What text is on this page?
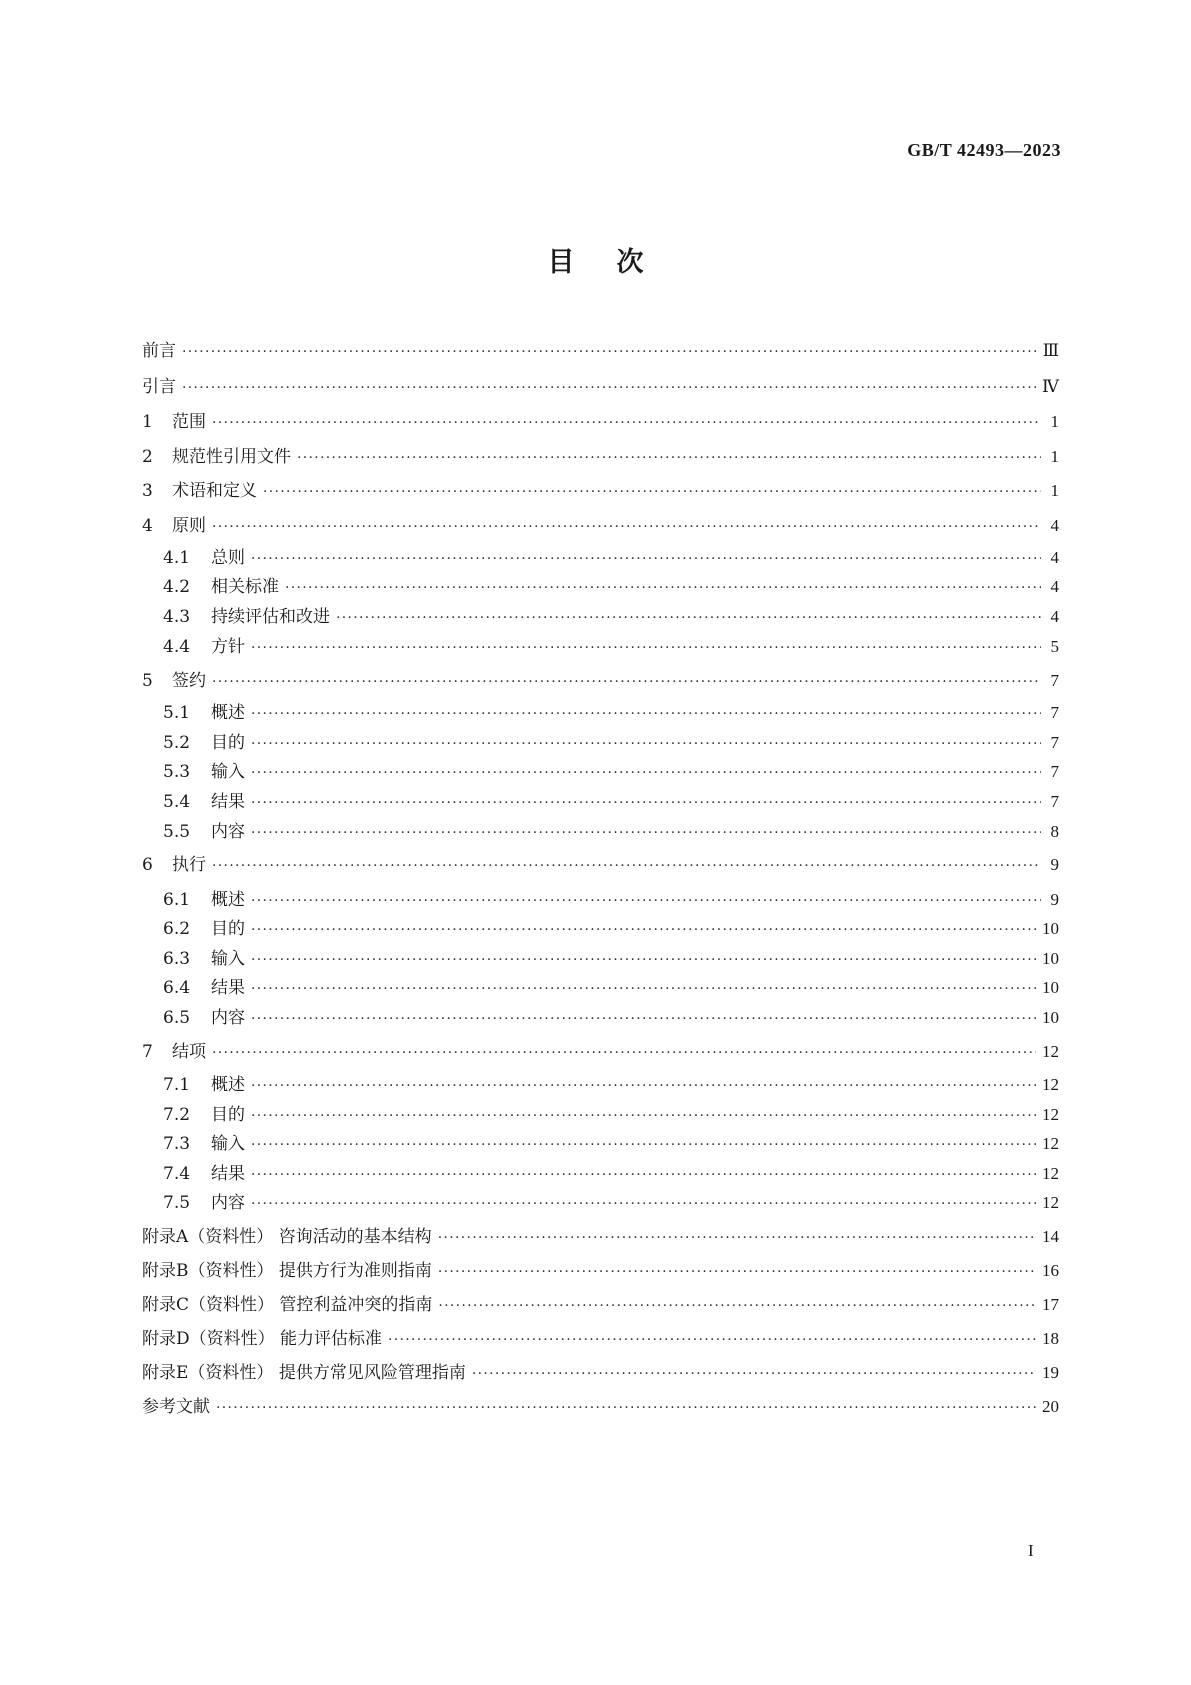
GB/T 42493—2023
目次
前言 ·····	Ⅲ
引言 ·····	Ⅳ
1 范围 ·····	1
2 规范性引用文件 ·····	1
3 术语和定义 ·····	1
4 原则 ·····	4
4.1 总则 ·····	4
4.2 相关标准 ·····	4
4.3 持续评估和改进 ·····	4
4.4 方针 ·····	5
5 签约 ·····	7
5.1 概述 ·····	7
5.2 目的 ·····	7
5.3 输入 ·····	7
5.4 结果 ·····	7
5.5 内容 ·····	8
6 执行 ·····	9
6.1 概述 ·····	9
6.2 目的 ·····	10
6.3 输入 ·····	10
6.4 结果 ·····	10
6.5 内容 ·····	10
7 结项 ·····	12
7.1 概述 ·····	12
7.2 目的 ·····	12
7.3 输入 ·····	12
7.4 结果 ·····	12
7.5 内容 ·····	12
附录A（资料性） 咨询活动的基本结构 ·····	14
附录B（资料性） 提供方行为准则指南 ·····	16
附录C（资料性） 管控利益冲突的指南 ·····	17
附录D（资料性） 能力评估标准 ·····	18
附录E（资料性） 提供方常见风险管理指南 ·····	19
参考文献 ·····	20
I
